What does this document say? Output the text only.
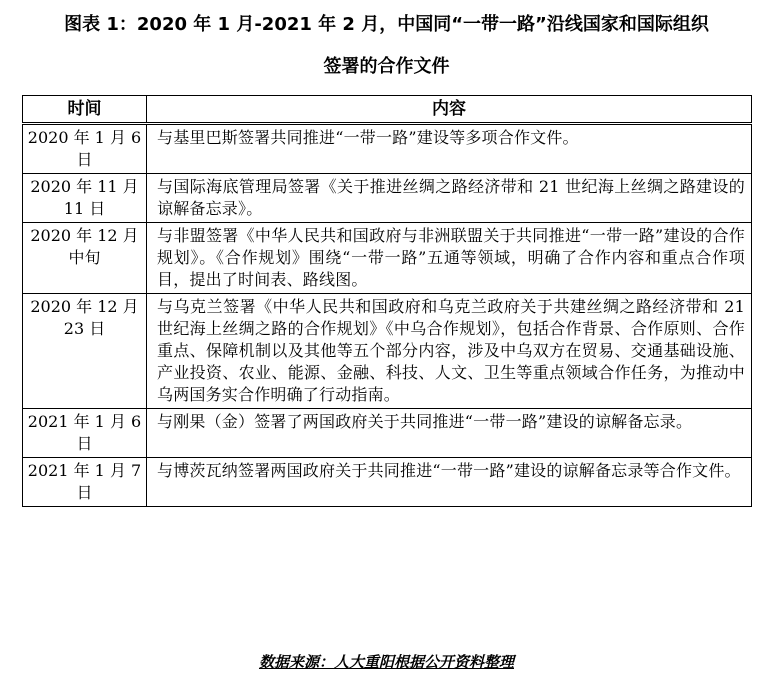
图表 1：2020 年 1 月-2021 年 2 月，中国同“一带一路”沿线国家和国际组织
签署的合作文件
时间	内容
2020 年 1 月 6 日	与基里巴斯签署共同推进“一带一路”建设等多项合作文件。
2020 年 11 月 11 日	与国际海底管理局签署《关于推进丝绸之路经济带和 21 世纪海上丝绸之路建设的谅解备忘录》。
2020 年 12 月中旬	与非盟签署《中华人民共和国政府与非洲联盟关于共同推进“一带一路”建设的合作规划》。《合作规划》围绕“一带一路”五通等领域，明确了合作内容和重点合作项目，提出了时间表、路线图。
2020 年 12 月 23 日	与乌克兰签署《中华人民共和国政府和乌克兰政府关于共建丝绸之路经济带和 21 世纪海上丝绸之路的合作规划》《中乌合作规划》，包括合作背景、合作原则、合作重点、保障机制以及其他等五个部分内容，涉及中乌双方在贸易、交通基础设施、产业投资、农业、能源、金融、科技、人文、卫生等重点领域合作任务，为推动中乌两国务实合作明确了行动指南。
2021 年 1 月 6 日	与刚果（金）签署了两国政府关于共同推进“一带一路”建设的谅解备忘录。
2021 年 1 月 7 日	与博茨瓦纳签署两国政府关于共同推进“一带一路”建设的谅解备忘录等合作文件。
数据来源：人大重阳根据公开资料整理
